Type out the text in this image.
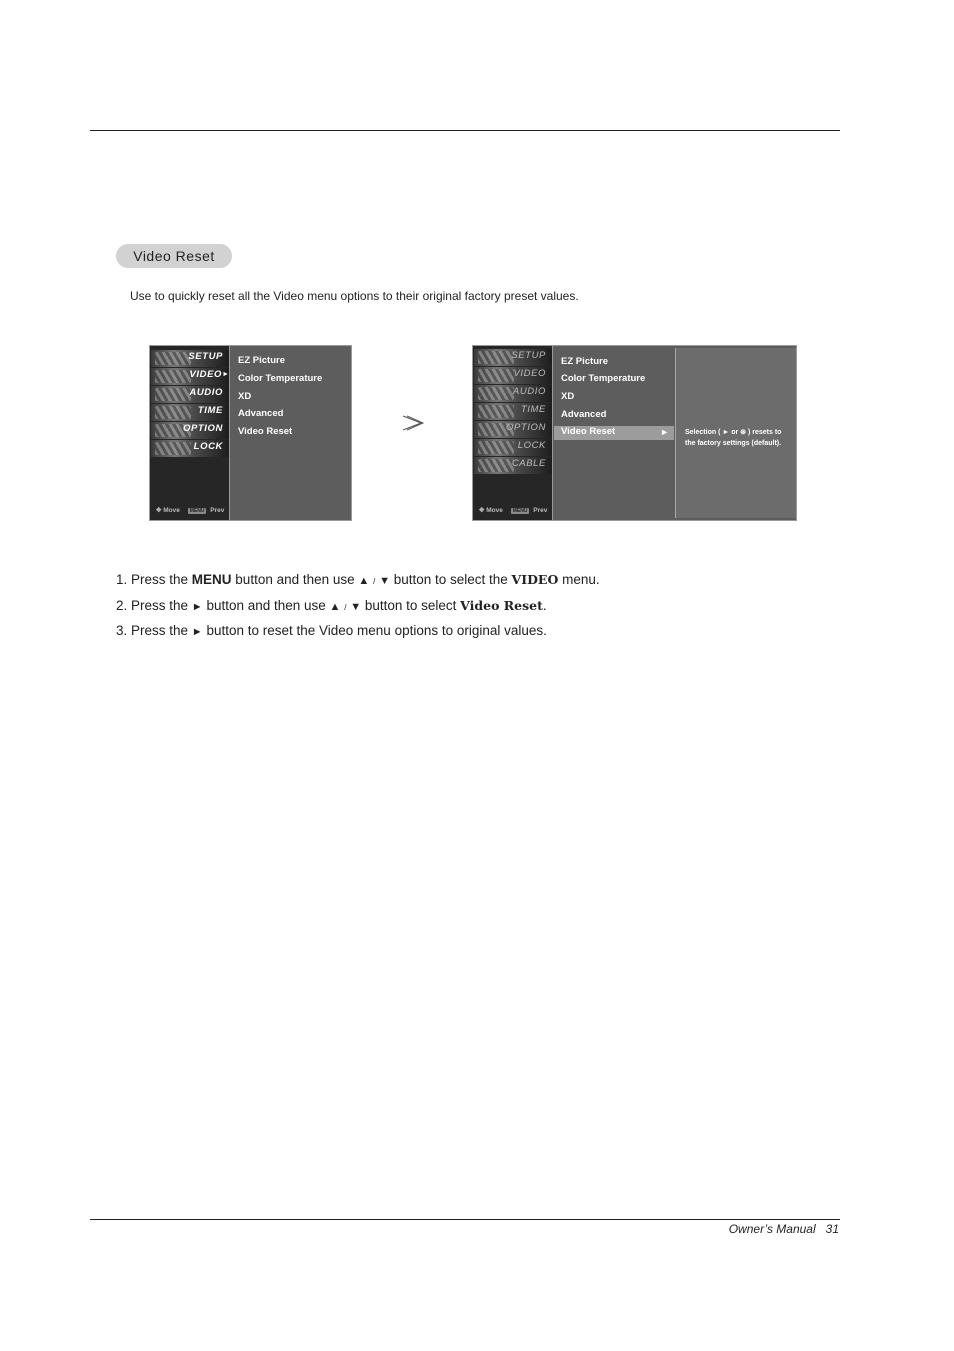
Video Reset
Use to quickly reset all the Video menu options to their original factory preset values.
SETUP
VIDEO ►
AUDIO
TIME
OPTION
LOCK
✥ Move MENU Prev
EZ Picture
Color Temperature
XD
Advanced
Video Reset
SETUP
VIDEO
AUDIO
TIME
OPTION
LOCK
CABLE
✥ Move MENU Prev
►
EZ Picture
Color Temperature
XD
Advanced
Video Reset	Selection ( ► or ⊛ ) resets to the factory settings (default).
1. Press the MENU button and then use ▲ / ▼ button to select the VIDEO menu.
2. Press the ► button and then use ▲ / ▼ button to select Video Reset.
3. Press the ► button to reset the Video menu options to original values.
Owner’s Manual   31
